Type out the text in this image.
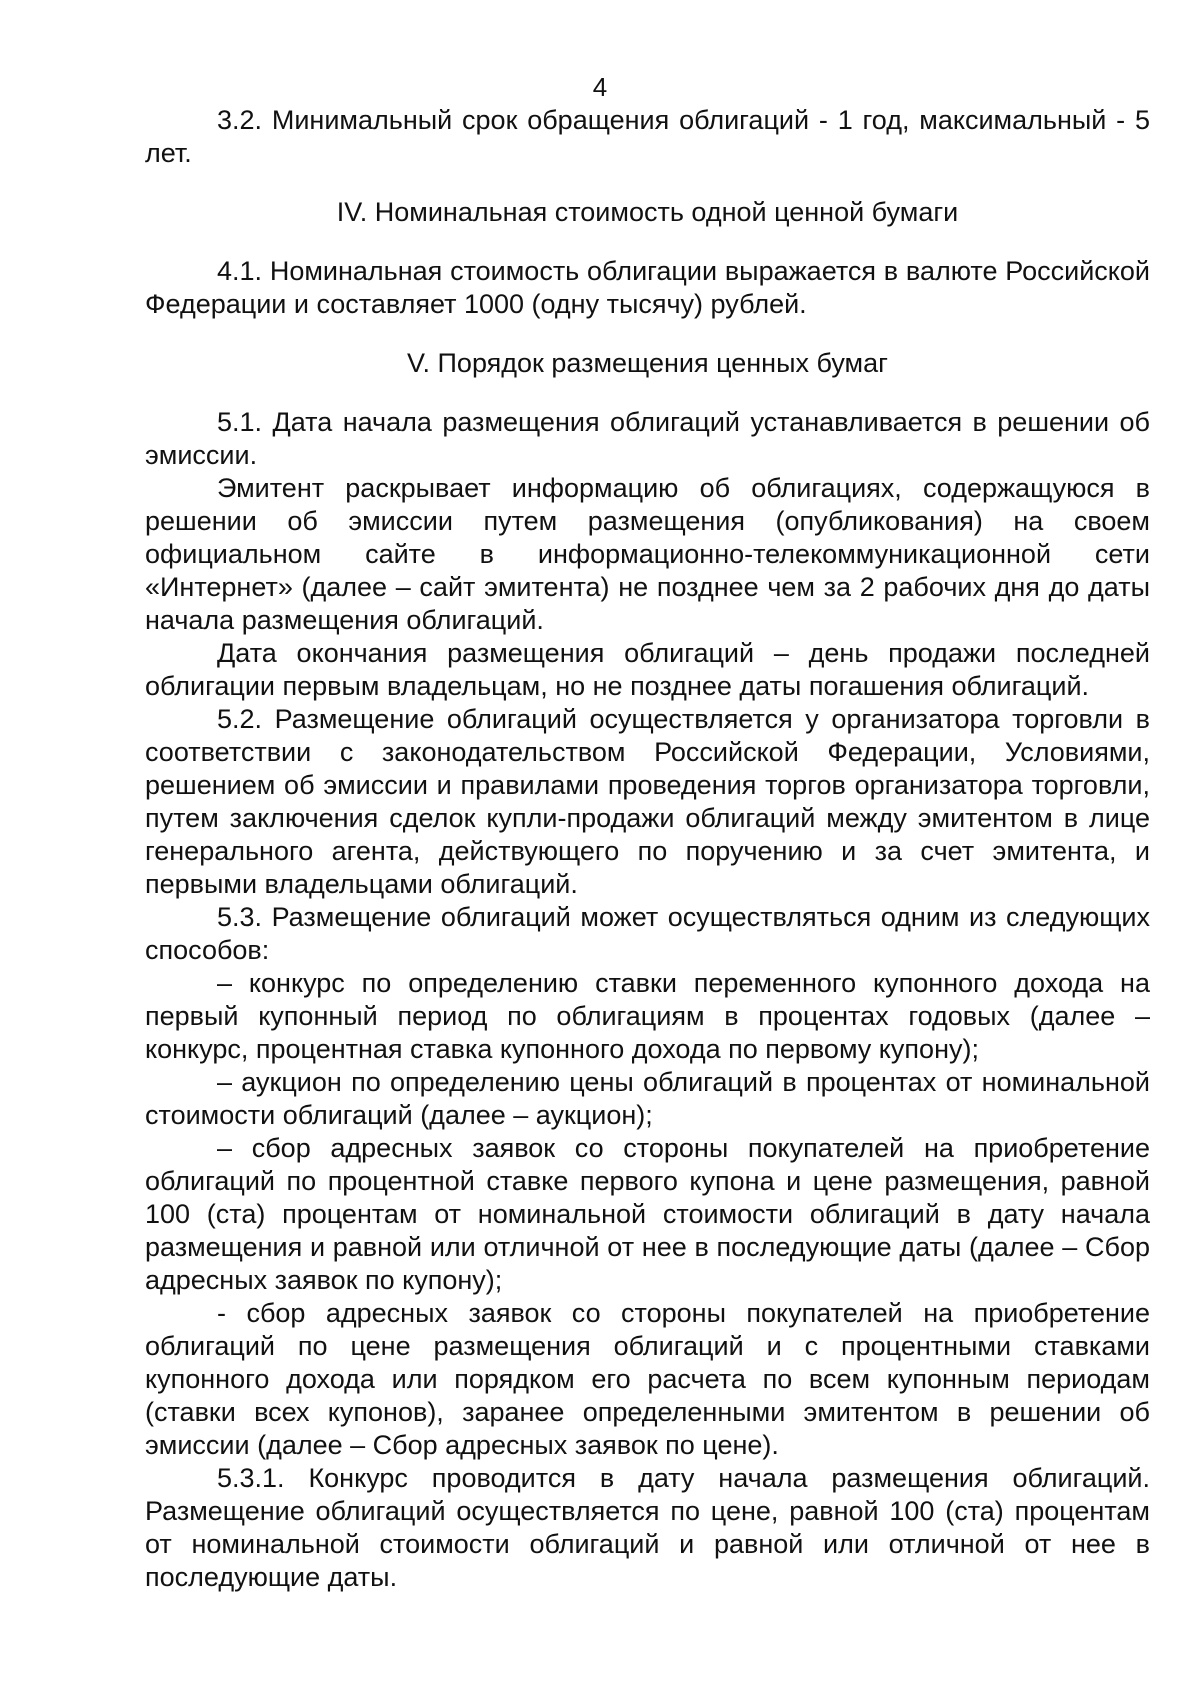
4

3.2. Минимальный срок обращения облигаций - 1 год, максимальный - 5 лет.

IV. Номинальная стоимость одной ценной бумаги

4.1. Номинальная стоимость облигации выражается в валюте Российской Федерации и составляет 1000 (одну тысячу) рублей.

V. Порядок размещения ценных бумаг

5.1. Дата начала размещения облигаций устанавливается в решении об эмиссии.

Эмитент раскрывает информацию об облигациях, содержащуюся в решении об эмиссии путем размещения (опубликования) на своем официальном сайте в информационно-телекоммуникационной сети «Интернет» (далее – сайт эмитента) не позднее чем за 2 рабочих дня до даты начала размещения облигаций.

Дата окончания размещения облигаций – день продажи последней облигации первым владельцам, но не позднее даты погашения облигаций.

5.2. Размещение облигаций осуществляется у организатора торговли в соответствии с законодательством Российской Федерации, Условиями, решением об эмиссии и правилами проведения торгов организатора торговли, путем заключения сделок купли-продажи облигаций между эмитентом в лице генерального агента, действующего по поручению и за счет эмитента, и первыми владельцами облигаций.

5.3. Размещение облигаций может осуществляться одним из следующих способов:

– конкурс по определению ставки переменного купонного дохода на первый купонный период по облигациям в процентах годовых (далее – конкурс, процентная ставка купонного дохода по первому купону);

– аукцион по определению цены облигаций в процентах от номинальной стоимости облигаций (далее – аукцион);

– сбор адресных заявок со стороны покупателей на приобретение облигаций по процентной ставке первого купона и цене размещения, равной 100 (ста) процентам от номинальной стоимости облигаций в дату начала размещения и равной или отличной от нее в последующие даты (далее – Сбор адресных заявок по купону);

- сбор адресных заявок со стороны покупателей на приобретение облигаций по цене размещения облигаций и с процентными ставками купонного дохода или порядком его расчета по всем купонным периодам (ставки всех купонов), заранее определенными эмитентом в решении об эмиссии (далее – Сбор адресных заявок по цене).

5.3.1. Конкурс проводится в дату начала размещения облигаций. Размещение облигаций осуществляется по цене, равной 100 (ста) процентам от номинальной стоимости облигаций и равной или отличной от нее в последующие даты.
